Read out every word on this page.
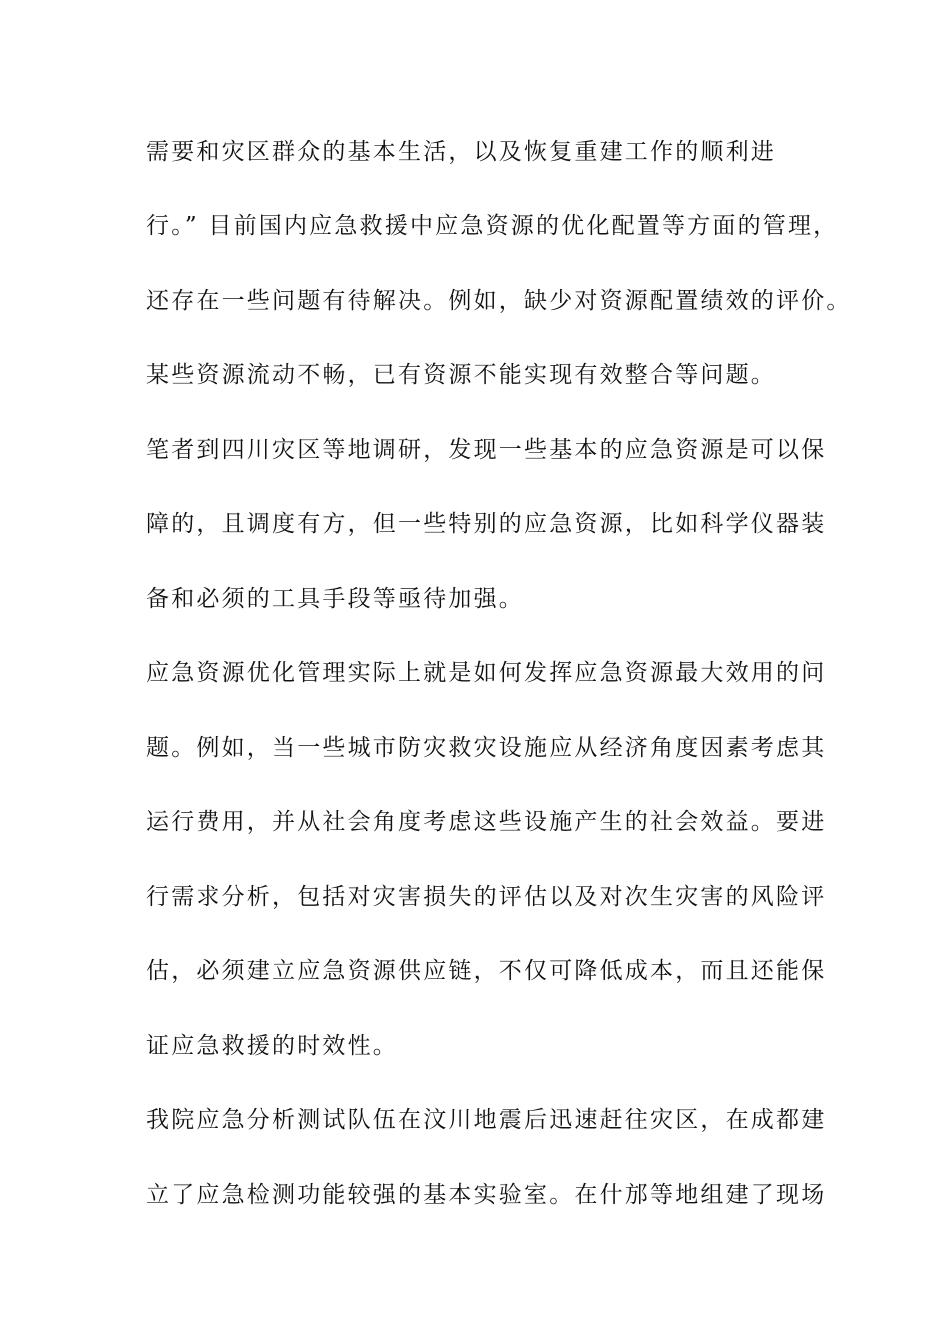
需要和灾区群众的基本生活，以及恢复重建工作的顺利进

行。” 目前国内应急救援中应急资源的优化配置等方面的管理，

还存在一些问题有待解决。例如，缺少对资源配置绩效的评价。

某些资源流动不畅，已有资源不能实现有效整合等问题。

笔者到四川灾区等地调研，发现一些基本的应急资源是可以保

障的，且调度有方，但一些特别的应急资源，比如科学仪器装

备和必须的工具手段等亟待加强。

应急资源优化管理实际上就是如何发挥应急资源最大效用的问

题。例如，当一些城市防灾救灾设施应从经济角度因素考虑其

运行费用，并从社会角度考虑这些设施产生的社会效益。要进

行需求分析，包括对灾害损失的评估以及对次生灾害的风险评

估，必须建立应急资源供应链，不仅可降低成本，而且还能保

证应急救援的时效性。

我院应急分析测试队伍在汶川地震后迅速赶往灾区，在成都建

立了应急检测功能较强的基本实验室。在什邡等地组建了现场
